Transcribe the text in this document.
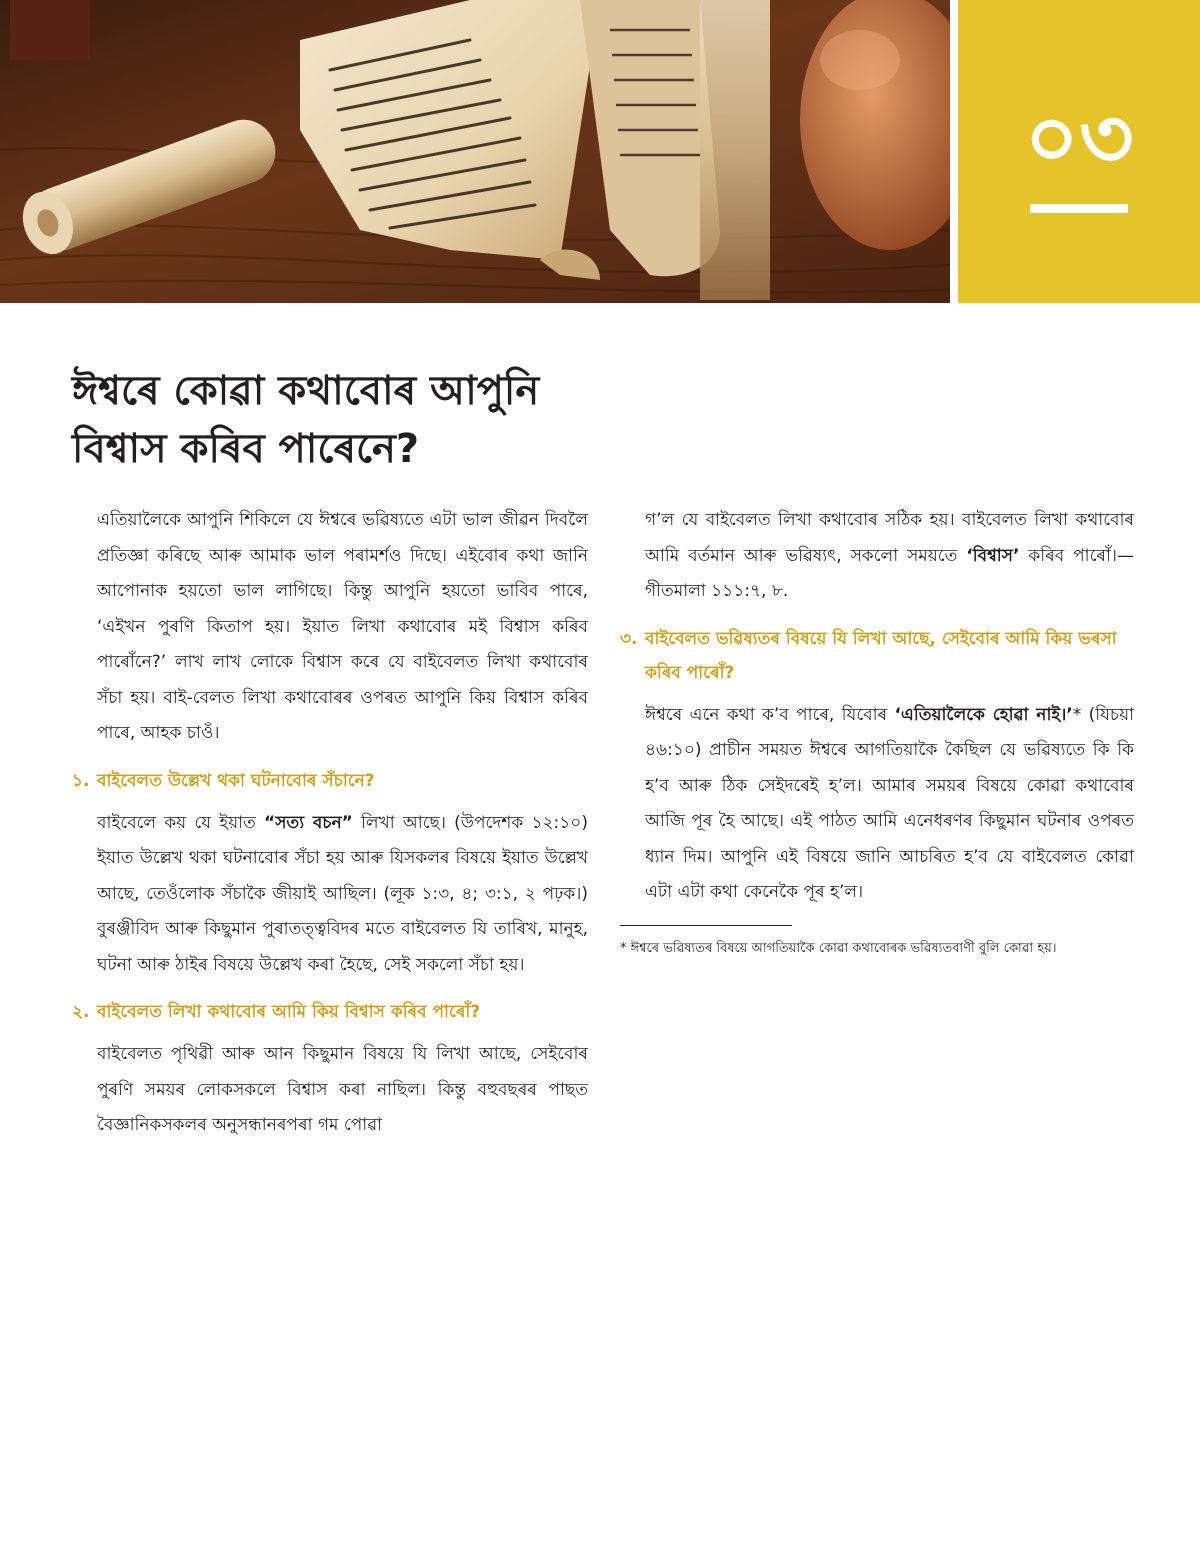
০৩
ঈশ্বৰে কোৱা কথাবোৰ আপুনি
বিশ্বাস কৰিব পাৰেনে?

এতিয়ালৈকে আপুনি শিকিলে যে ঈশ্বৰে ভৱিষ্যতে এটা ভাল জীৱন দিবলৈ প্ৰতিজ্ঞা কৰিছে আৰু আমাক ভাল পৰামৰ্শও দিছে। এইবোৰ কথা জানি আপোনাক হয়তো ভাল লাগিছে। কিন্তু আপুনি হয়তো ভাবিব পাৰে, ‘এইখন পুৰণি কিতাপ হয়। ইয়াত লিখা কথাবোৰ মই বিশ্বাস কৰিব পাৰোঁনে?’ লাখ লাখ লোকে বিশ্বাস কৰে যে বাইবেলত লিখা কথাবোৰ সঁচা হয়। বাই-বেলত লিখা কথাবোৰৰ ওপৰত আপুনি কিয় বিশ্বাস কৰিব পাৰে, আহক চাওঁ।

১. বাইবেলত উল্লেখ থকা ঘটনাবোৰ সঁচানে?

বাইবেলে কয় যে ইয়াত “সত্য বচন” লিখা আছে। (উপদেশক ১২:১০) ইয়াত উল্লেখ থকা ঘটনাবোৰ সঁচা হয় আৰু যিসকলৰ বিষয়ে ইয়াত উল্লেখ আছে, তেওঁলোক সঁচাকৈ জীয়াই আছিল। (লূক ১:৩, ৪; ৩:১, ২ পঢ়ক।) বুৰঞ্জীবিদ আৰু কিছুমান পুৰাতত্ত্ববিদৰ মতে বাইবেলত যি তাৰিখ, মানুহ, ঘটনা আৰু ঠাইৰ বিষয়ে উল্লেখ কৰা হৈছে, সেই সকলো সঁচা হয়।

২. বাইবেলত লিখা কথাবোৰ আমি কিয় বিশ্বাস কৰিব পাৰোঁ?

বাইবেলত পৃথিৱী আৰু আন কিছুমান বিষয়ে যি লিখা আছে, সেইবোৰ পুৰণি সময়ৰ লোকসকলে বিশ্বাস কৰা নাছিল। কিন্তু বহুবছৰৰ পাছত বৈজ্ঞানিকসকলৰ অনুসন্ধানৰপৰা গম পোৱা

গ’ল যে বাইবেলত লিখা কথাবোৰ সঠিক হয়। বাইবেলত লিখা কথাবোৰ আমি বৰ্তমান আৰু ভৱিষ্যৎ, সকলো সময়তে ‘বিশ্বাস’ কৰিব পাৰোঁ।—গীতমালা ১১১:৭, ৮.

৩. বাইবেলত ভৱিষ্যতৰ বিষয়ে যি লিখা আছে, সেইবোৰ আমি কিয় ভৰসা কৰিব পাৰোঁ?

ঈশ্বৰে এনে কথা ক’ব পাৰে, যিবোৰ ‘এতিয়ালৈকে হোৱা নাই।’* (যিচয়া ৪৬:১০) প্ৰাচীন সময়ত ঈশ্বৰে আগতিয়াকৈ কৈছিল যে ভৱিষ্যতে কি কি হ’ব আৰু ঠিক সেইদৰেই হ’ল। আমাৰ সময়ৰ বিষয়ে কোৱা কথাবোৰ আজি পূৰ হৈ আছে। এই পাঠত আমি এনেধৰণৰ কিছুমান ঘটনাৰ ওপৰত ধ্যান দিম। আপুনি এই বিষয়ে জানি আচৰিত হ’ব যে বাইবেলত কোৱা এটা এটা কথা কেনেকৈ পূৰ হ’ল।

* ঈশ্বৰে ভৱিষ্যতৰ বিষয়ে আগতিয়াকৈ কোৱা কথাবোৰক ভৱিষ্যতবাণী বুলি কোৱা হয়।
